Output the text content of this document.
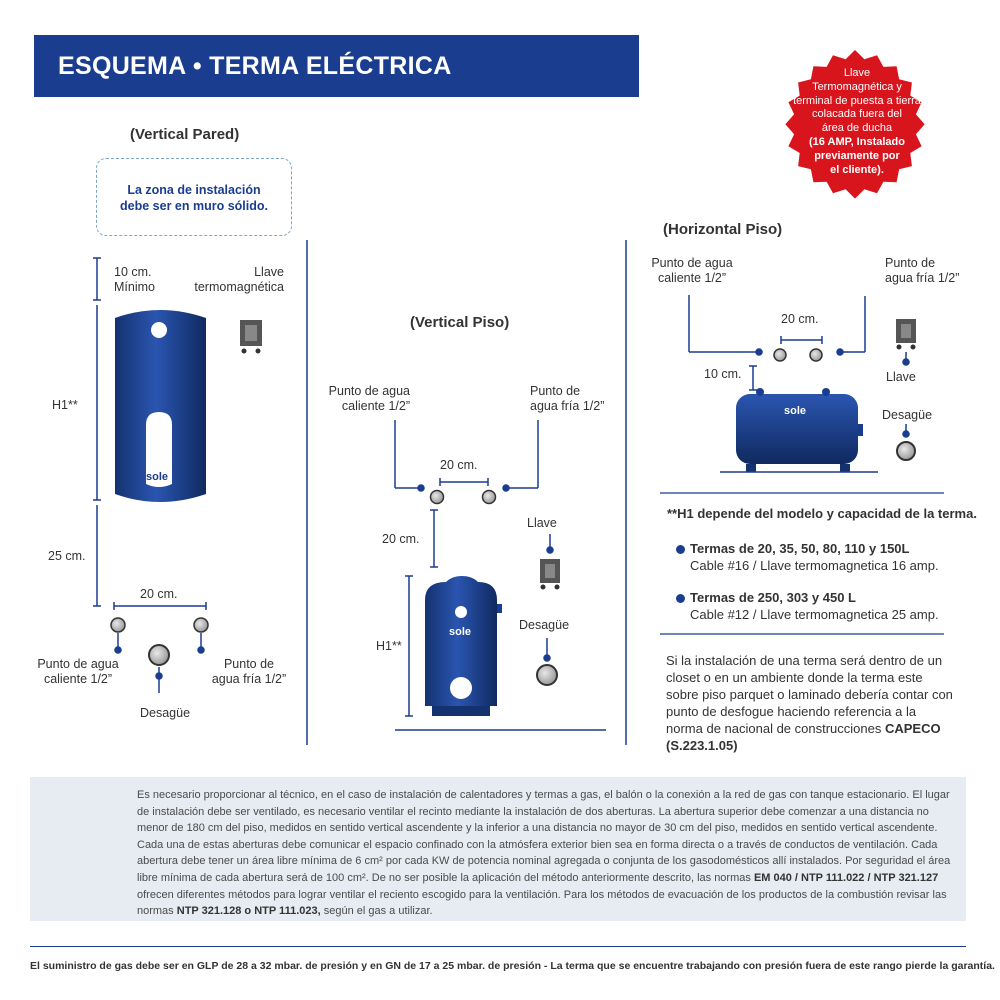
ESQUEMA • TERMA ELÉCTRICA	Llave
Termomagnética y
terminal de puesta a tierra
colacada fuera del
área de ducha
(16 AMP, Instalado
previamente por
el cliente).
(Vertical Pared)
La zona de instalación
debe ser en muro sólido.
10 cm.
Mínimo
Llave
termomagnética
H1**
25 cm.
20 cm.
Punto de agua
caliente 1/2”
Punto de
agua fría 1/2”
Desagüe
sole
(Vertical Piso)
Punto de agua
caliente 1/2”
Punto de
agua fría 1/2”
20 cm.
20 cm.
Llave
H1**
Desagüe
sole
(Horizontal Piso)
Punto de agua
caliente 1/2”
Punto de
agua fría 1/2”
20 cm.
10 cm.	Llave
Desagüe
sole
**H1 depende del modelo y capacidad de la terma.
Termas de 20, 35, 50, 80, 110 y 150L
Cable #16 / Llave termomagnetica 16 amp.
Termas de 250, 303 y 450 L
Cable #12 / Llave termomagnetica 25 amp.
Si la instalación de una terma será dentro de un closet o en un ambiente donde la terma este sobre piso parquet o laminado debería contar con punto de desfogue haciendo referencia a la norma de nacional de construcciones CAPECO (S.223.1.05)
Es necesario proporcionar al técnico, en el caso de instalación de calentadores y termas a gas, el balón o la conexión a la red de gas con tanque estacionario. El lugar de instalación debe ser ventilado, es necesario ventilar el recinto mediante la instalación de dos aberturas. La abertura superior debe comenzar a una distancia no menor de 180 cm del piso, medidos en sentido vertical ascendente y la inferior a una distancia no mayor de 30 cm del piso, medidos en sentido vertical ascendente. Cada una de estas aberturas debe comunicar el espacio confinado con la atmósfera exterior bien sea en forma directa o a través de conductos de ventilación. Cada abertura debe tener un área libre mínima de 6 cm² por cada KW de potencia nominal agregada o conjunta de los gasodomésticos allí instalados. Por seguridad el área libre mínima de cada abertura será de 100 cm². De no ser posible la aplicación del método anteriormente descrito, las normas EM 040 / NTP 111.022 / NTP 321.127 ofrecen diferentes métodos para lograr ventilar el reciento escogido para la ventilación. Para los métodos de evacuación de los productos de la combustión revisar las normas NTP 321.128 o NTP 111.023, según el gas a utilizar.
El suministro de gas debe ser en GLP de 28 a 32 mbar. de presión y en GN de 17 a 25 mbar. de presión - La terma que se encuentre trabajando con presión fuera de este rango pierde la garantía.
